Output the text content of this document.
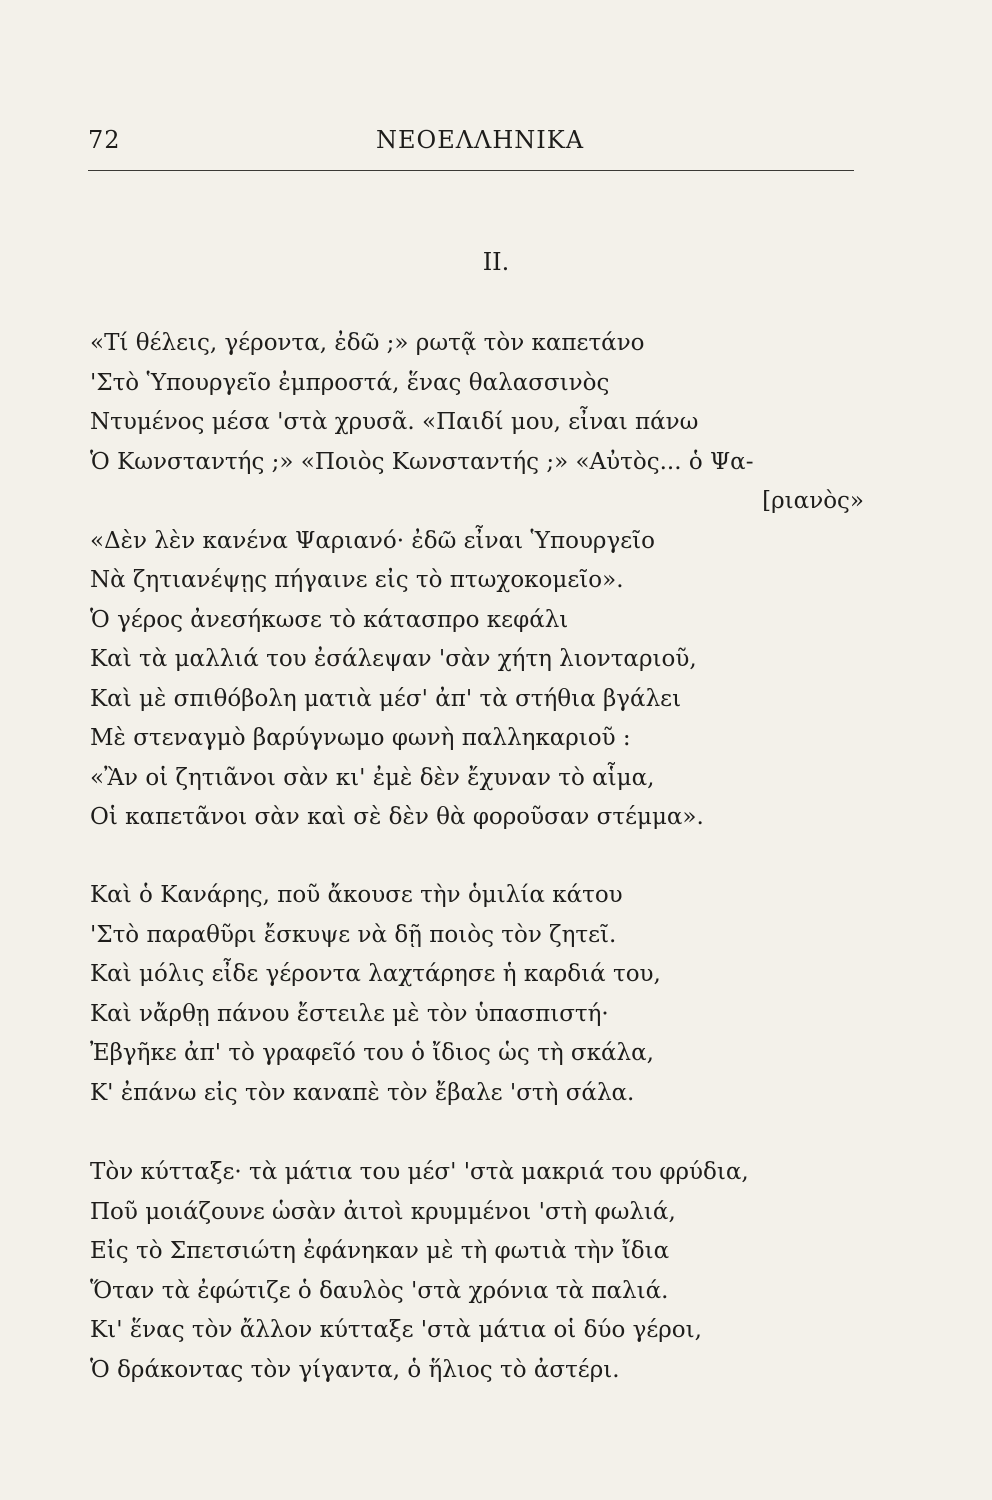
72	ΝΕΟΕΛΛΗΝΙΚΑ
II.
«Τί θέλεις, γέροντα, ἐδῶ ;» ρωτᾷ τὸν καπετάνο
'Στὸ Ὑπουργεῖο ἐμπροστά, ἕνας θαλασσινὸς
Ντυμένος μέσα 'στὰ χρυσᾶ. «Παιδί μου, εἶναι πάνω
Ὁ Κωνσταντής ;» «Ποιὸς Κωνσταντής ;» «Αὐτὸς... ὁ Ψα-
[ριανὸς»
«Δὲν λὲν κανένα Ψαριανό· ἐδῶ εἶναι Ὑπουργεῖο
Νὰ ζητιανέψῃς πήγαινε εἰς τὸ πτωχοκομεῖο».
Ὁ γέρος ἀνεσήκωσε τὸ κάτασπρο κεφάλι
Καὶ τὰ μαλλιά του ἐσάλεψαν 'σὰν χήτη λιονταριοῦ,
Καὶ μὲ σπιθόβολη ματιὰ μέσ' ἀπ' τὰ στήθια βγάλει
Μὲ στεναγμὸ βαρύγνωμο φωνὴ παλληκαριοῦ :
«Ἂν οἱ ζητιᾶνοι σὰν κι' ἐμὲ δὲν ἔχυναν τὸ αἷμα,
Οἱ καπετᾶνοι σὰν καὶ σὲ δὲν θὰ φοροῦσαν στέμμα».
Καὶ ὁ Κανάρης, ποῦ ἄκουσε τὴν ὁμιλία κάτου
'Στὸ παραθῦρι ἔσκυψε νὰ δῇ ποιὸς τὸν ζητεῖ.
Καὶ μόλις εἶδε γέροντα λαχτάρησε ἡ καρδιά του,
Καὶ νἄρθῃ πάνου ἔστειλε μὲ τὸν ὑπασπιστή·
Ἐβγῆκε ἀπ' τὸ γραφεῖό του ὁ ἴδιος ὡς τὴ σκάλα,
Κ' ἐπάνω εἰς τὸν καναπὲ τὸν ἔβαλε 'στὴ σάλα.
Τὸν κύτταξε· τὰ μάτια του μέσ' 'στὰ μακριά του φρύδια,
Ποῦ μοιάζουνε ὡσὰν ἀιτοὶ κρυμμένοι 'στὴ φωλιά,
Εἰς τὸ Σπετσιώτη ἐφάνηκαν μὲ τὴ φωτιὰ τὴν ἴδια
Ὅταν τὰ ἐφώτιζε ὁ δαυλὸς 'στὰ χρόνια τὰ παλιά.
Κι' ἕνας τὸν ἄλλον κύτταξε 'στὰ μάτια οἱ δύο γέροι,
Ὁ δράκοντας τὸν γίγαντα, ὁ ἥλιος τὸ ἀστέρι.
